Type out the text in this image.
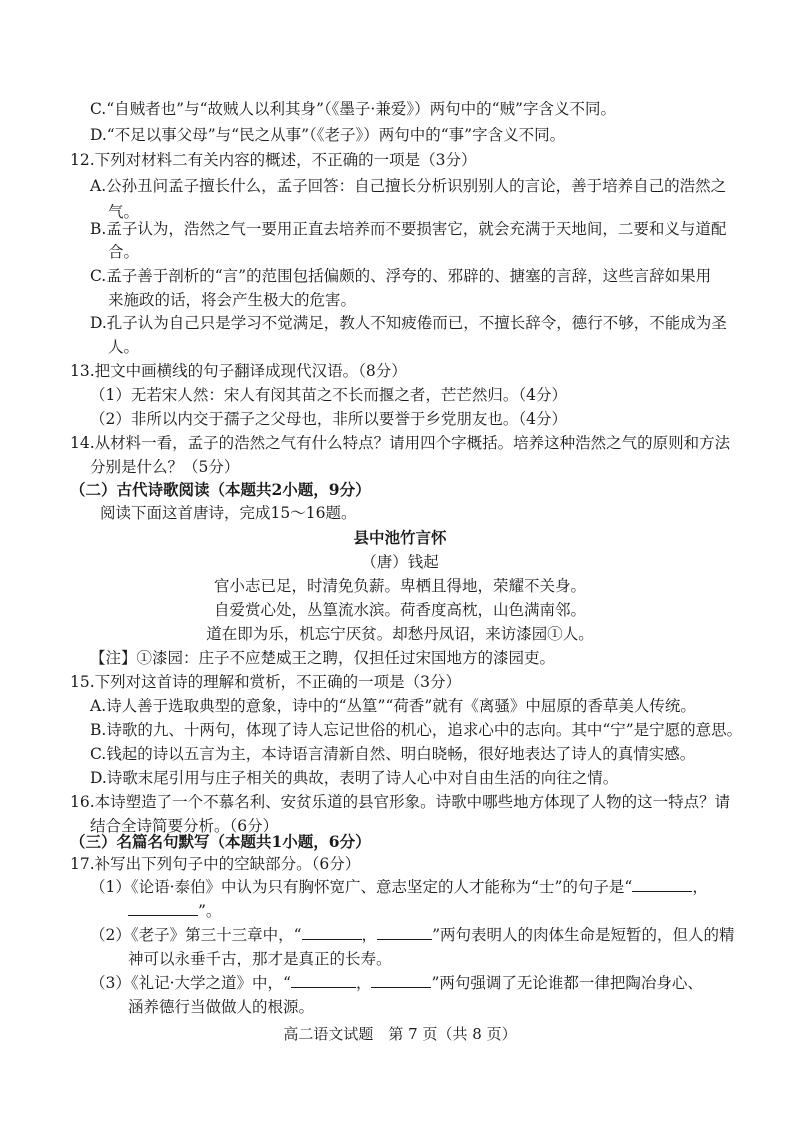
C.“自贼者也”与“故贼人以利其身”（《墨子·兼爱》）两句中的“贼”字含义不同。
D.“不足以事父母”与“民之从事”（《老子》）两句中的“事”字含义不同。
12.下列对材料二有关内容的概述，不正确的一项是（3分）
A.公孙丑问孟子擅长什么，孟子回答：自己擅长分析识别别人的言论，善于培养自己的浩然之
气。
B.孟子认为，浩然之气一要用正直去培养而不要损害它，就会充满于天地间，二要和义与道配
合。
C.孟子善于剖析的“言”的范围包括偏颇的、浮夸的、邪辟的、搪塞的言辞，这些言辞如果用
来施政的话，将会产生极大的危害。
D.孔子认为自己只是学习不觉满足，教人不知疲倦而已，不擅长辞令，德行不够，不能成为圣
人。
13.把文中画横线的句子翻译成现代汉语。（8分）
（1）无若宋人然：宋人有闵其苗之不长而揠之者，芒芒然归。（4分）
（2）非所以内交于孺子之父母也，非所以要誉于乡党朋友也。（4分）
14.从材料一看，孟子的浩然之气有什么特点？请用四个字概括。培养这种浩然之气的原则和方法
分别是什么？（5分）
（二）古代诗歌阅读（本题共2小题，9分）
阅读下面这首唐诗，完成15～16题。
县中池竹言怀
（唐）钱起
官小志已足，时清免负薪。卑栖且得地，荣耀不关身。
自爱赏心处，丛篁流水滨。荷香度高枕，山色满南邻。
道在即为乐，机忘宁厌贫。却愁丹凤诏，来访漆园①人。
【注】①漆园：庄子不应楚威王之聘，仅担任过宋国地方的漆园吏。
15.下列对这首诗的理解和赏析，不正确的一项是（3分）
A.诗人善于选取典型的意象，诗中的“丛篁”“荷香”就有《离骚》中屈原的香草美人传统。
B.诗歌的九、十两句，体现了诗人忘记世俗的机心，追求心中的志向。其中“宁”是宁愿的意思。
C.钱起的诗以五言为主，本诗语言清新自然、明白晓畅，很好地表达了诗人的真情实感。
D.诗歌末尾引用与庄子相关的典故，表明了诗人心中对自由生活的向往之情。
16.本诗塑造了一个不慕名利、安贫乐道的县官形象。诗歌中哪些地方体现了人物的这一特点？请
结合全诗简要分析。（6分）
（三）名篇名句默写（本题共1小题，6分）
17.补写出下列句子中的空缺部分。（6分）
（1）《论语·泰伯》中认为只有胸怀宽广、意志坚定的人才能称为“士”的句子是“	，
”。
（2）《老子》第三十三章中，“	，	”两句表明人的肉体生命是短暂的，但人的精
神可以永垂千古，那才是真正的长寿。
（3）《礼记·大学之道》中，“	，	”两句强调了无论谁都一律把陶冶身心、
涵养德行当做做人的根源。
高二语文试题　第 7 页（共 8 页）
